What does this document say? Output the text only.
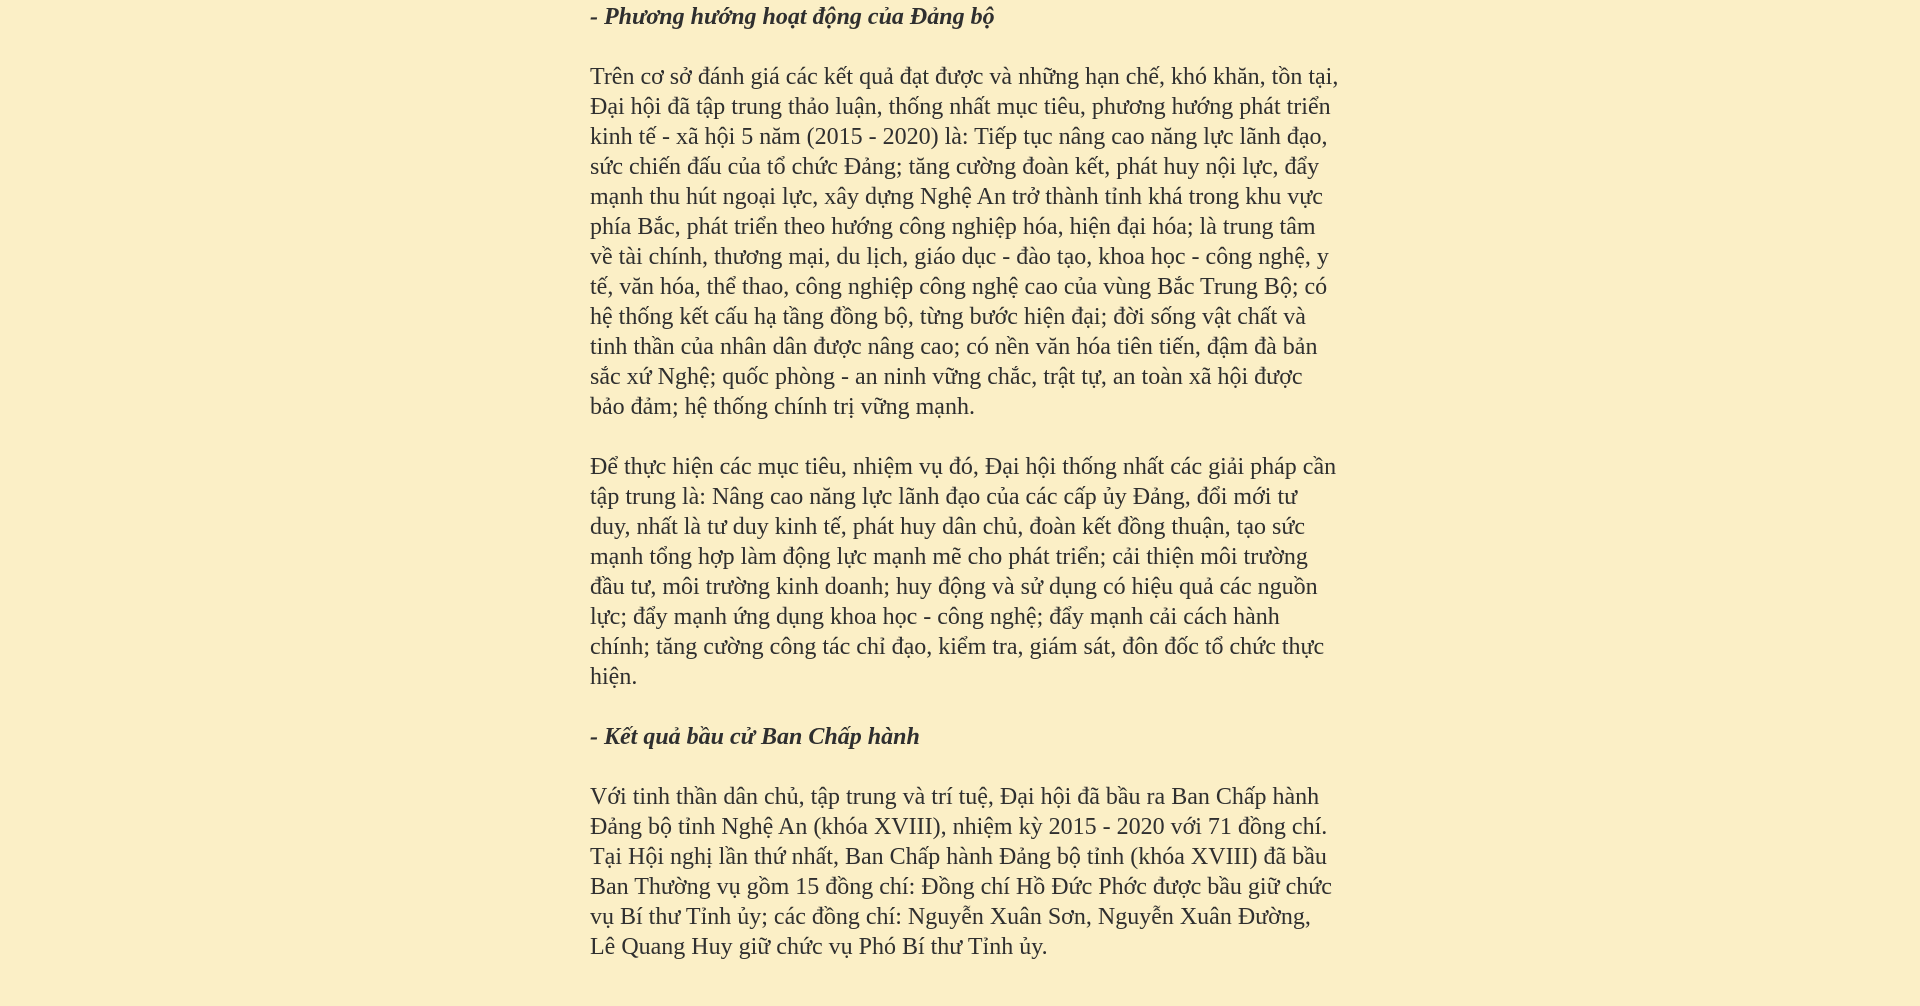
- Phương hướng hoạt động của Đảng bộ

Trên cơ sở đánh giá các kết quả đạt được và những hạn chế, khó khăn, tồn tại, Đại hội đã tập trung thảo luận, thống nhất mục tiêu, phương hướng phát triển kinh tế - xã hội 5 năm (2015 - 2020) là: Tiếp tục nâng cao năng lực lãnh đạo, sức chiến đấu của tổ chức Đảng; tăng cường đoàn kết, phát huy nội lực, đẩy mạnh thu hút ngoại lực, xây dựng Nghệ An trở thành tỉnh khá trong khu vực phía Bắc, phát triển theo hướng công nghiệp hóa, hiện đại hóa; là trung tâm về tài chính, thương mại, du lịch, giáo dục - đào tạo, khoa học - công nghệ, y tế, văn hóa, thể thao, công nghiệp công nghệ cao của vùng Bắc Trung Bộ; có hệ thống kết cấu hạ tầng đồng bộ, từng bước hiện đại; đời sống vật chất và tinh thần của nhân dân được nâng cao; có nền văn hóa tiên tiến, đậm đà bản sắc xứ Nghệ; quốc phòng - an ninh vững chắc, trật tự, an toàn xã hội được bảo đảm; hệ thống chính trị vững mạnh.

Để thực hiện các mục tiêu, nhiệm vụ đó, Đại hội thống nhất các giải pháp cần tập trung là: Nâng cao năng lực lãnh đạo của các cấp ủy Đảng, đổi mới tư duy, nhất là tư duy kinh tế, phát huy dân chủ, đoàn kết đồng thuận, tạo sức mạnh tổng hợp làm động lực mạnh mẽ cho phát triển; cải thiện môi trường đầu tư, môi trường kinh doanh; huy động và sử dụng có hiệu quả các nguồn lực; đẩy mạnh ứng dụng khoa học - công nghệ; đẩy mạnh cải cách hành chính; tăng cường công tác chỉ đạo, kiểm tra, giám sát, đôn đốc tổ chức thực hiện.

- Kết quả bầu cử Ban Chấp hành

Với tinh thần dân chủ, tập trung và trí tuệ, Đại hội đã bầu ra Ban Chấp hành Đảng bộ tỉnh Nghệ An (khóa XVIII), nhiệm kỳ 2015 - 2020 với 71 đồng chí. Tại Hội nghị lần thứ nhất, Ban Chấp hành Đảng bộ tỉnh (khóa XVIII) đã bầu Ban Thường vụ gồm 15 đồng chí: Đồng chí Hồ Đức Phớc được bầu giữ chức vụ Bí thư Tỉnh ủy; các đồng chí: Nguyễn Xuân Sơn, Nguyễn Xuân Đường, Lê Quang Huy giữ chức vụ Phó Bí thư Tỉnh ủy.
